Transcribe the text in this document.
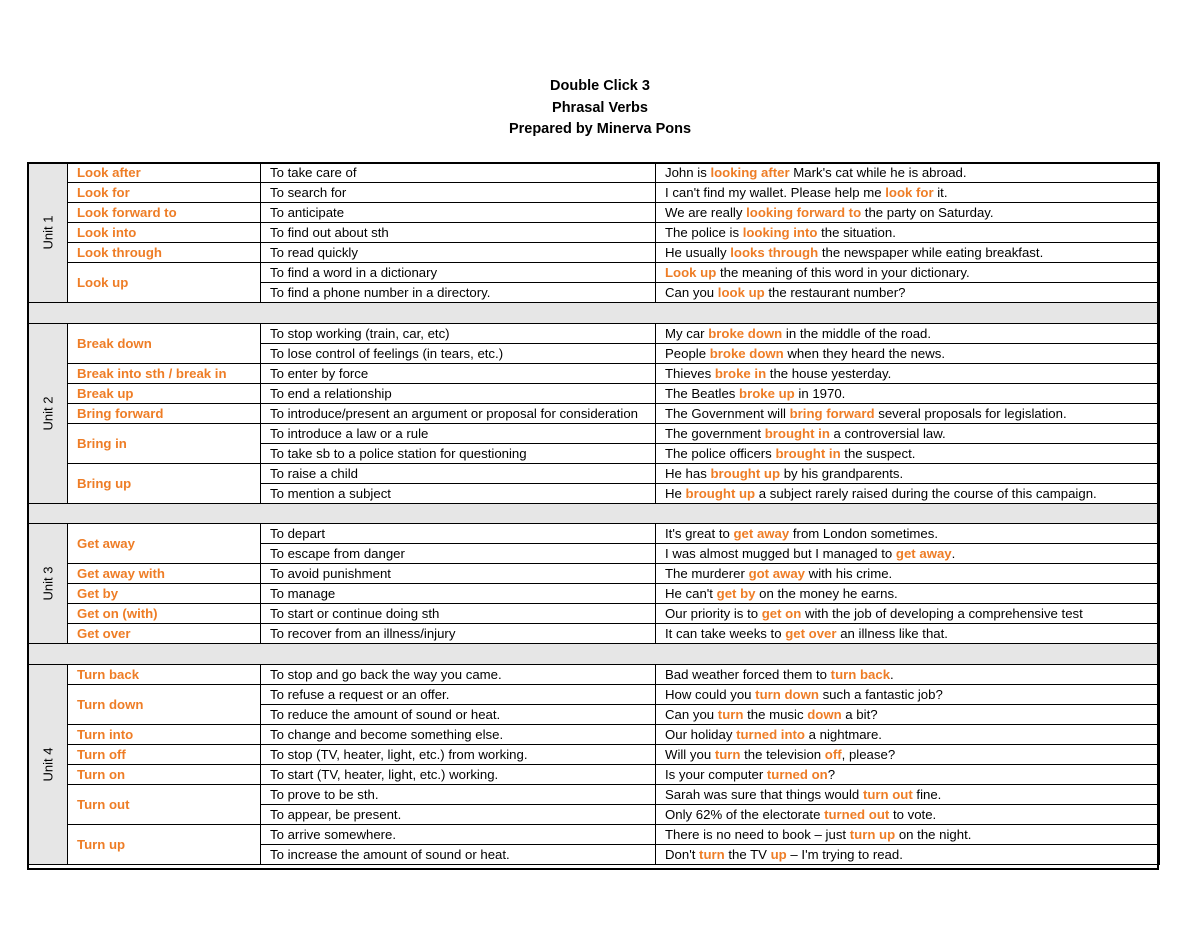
Double Click 3
Phrasal Verbs
Prepared by Minerva Pons
Unit 1	Look after	To take care of	John is looking after Mark's cat while he is abroad.
	Look for	To search for	I can't find my wallet. Please help me look for it.
	Look forward to	To anticipate	We are really looking forward to the party on Saturday.
	Look into	To find out about sth	The police is looking into the situation.
	Look through	To read quickly	He usually looks through the newspaper while eating breakfast.
	Look up	To find a word in a dictionary	Look up the meaning of this word in your dictionary.
		To find a phone number in a directory.	Can you look up the restaurant number?

Unit 2	Break down	To stop working (train, car, etc)	My car broke down in the middle of the road.
		To lose control of feelings (in tears, etc.)	People broke down when they heard the news.
	Break into sth / break in	To enter by force	Thieves broke in the house yesterday.
	Break up	To end a relationship	The Beatles broke up in 1970.
	Bring forward	To introduce/present an argument or proposal for consideration	The Government will bring forward several proposals for legislation.
	Bring in	To introduce a law or a rule	The government brought in a controversial law.
		To take sb to a police station for questioning	The police officers brought in the suspect.
	Bring up	To raise a child	He has brought up by his grandparents.
		To mention a subject	He brought up a subject rarely raised during the course of this campaign.

Unit 3	Get away	To depart	It's great to get away from London sometimes.
		To escape from danger	I was almost mugged but I managed to get away.
	Get away with	To avoid punishment	The murderer got away with his crime.
	Get by	To manage	He can't get by on the money he earns.
	Get on (with)	To start or continue doing sth	Our priority is to get on with the job of developing a comprehensive test
	Get over	To recover from an illness/injury	It can take weeks to get over an illness like that.

Unit 4	Turn back	To stop and go back the way you came.	Bad weather forced them to turn back.
	Turn down	To refuse a request or an offer.	How could you turn down such a fantastic job?
		To reduce the amount of sound or heat.	Can you turn the music down a bit?
	Turn into	To change and become something else.	Our holiday turned into a nightmare.
	Turn off	To stop (TV, heater, light, etc.) from working.	Will you turn the television off, please?
	Turn on	To start (TV, heater, light, etc.) working.	Is your computer turned on?
	Turn out	To prove to be sth.	Sarah was sure that things would turn out fine.
		To appear, be present.	Only 62% of the electorate turned out to vote.
	Turn up	To arrive somewhere.	There is no need to book – just turn up on the night.
		To increase the amount of sound or heat.	Don't turn the TV up – I'm trying to read.
